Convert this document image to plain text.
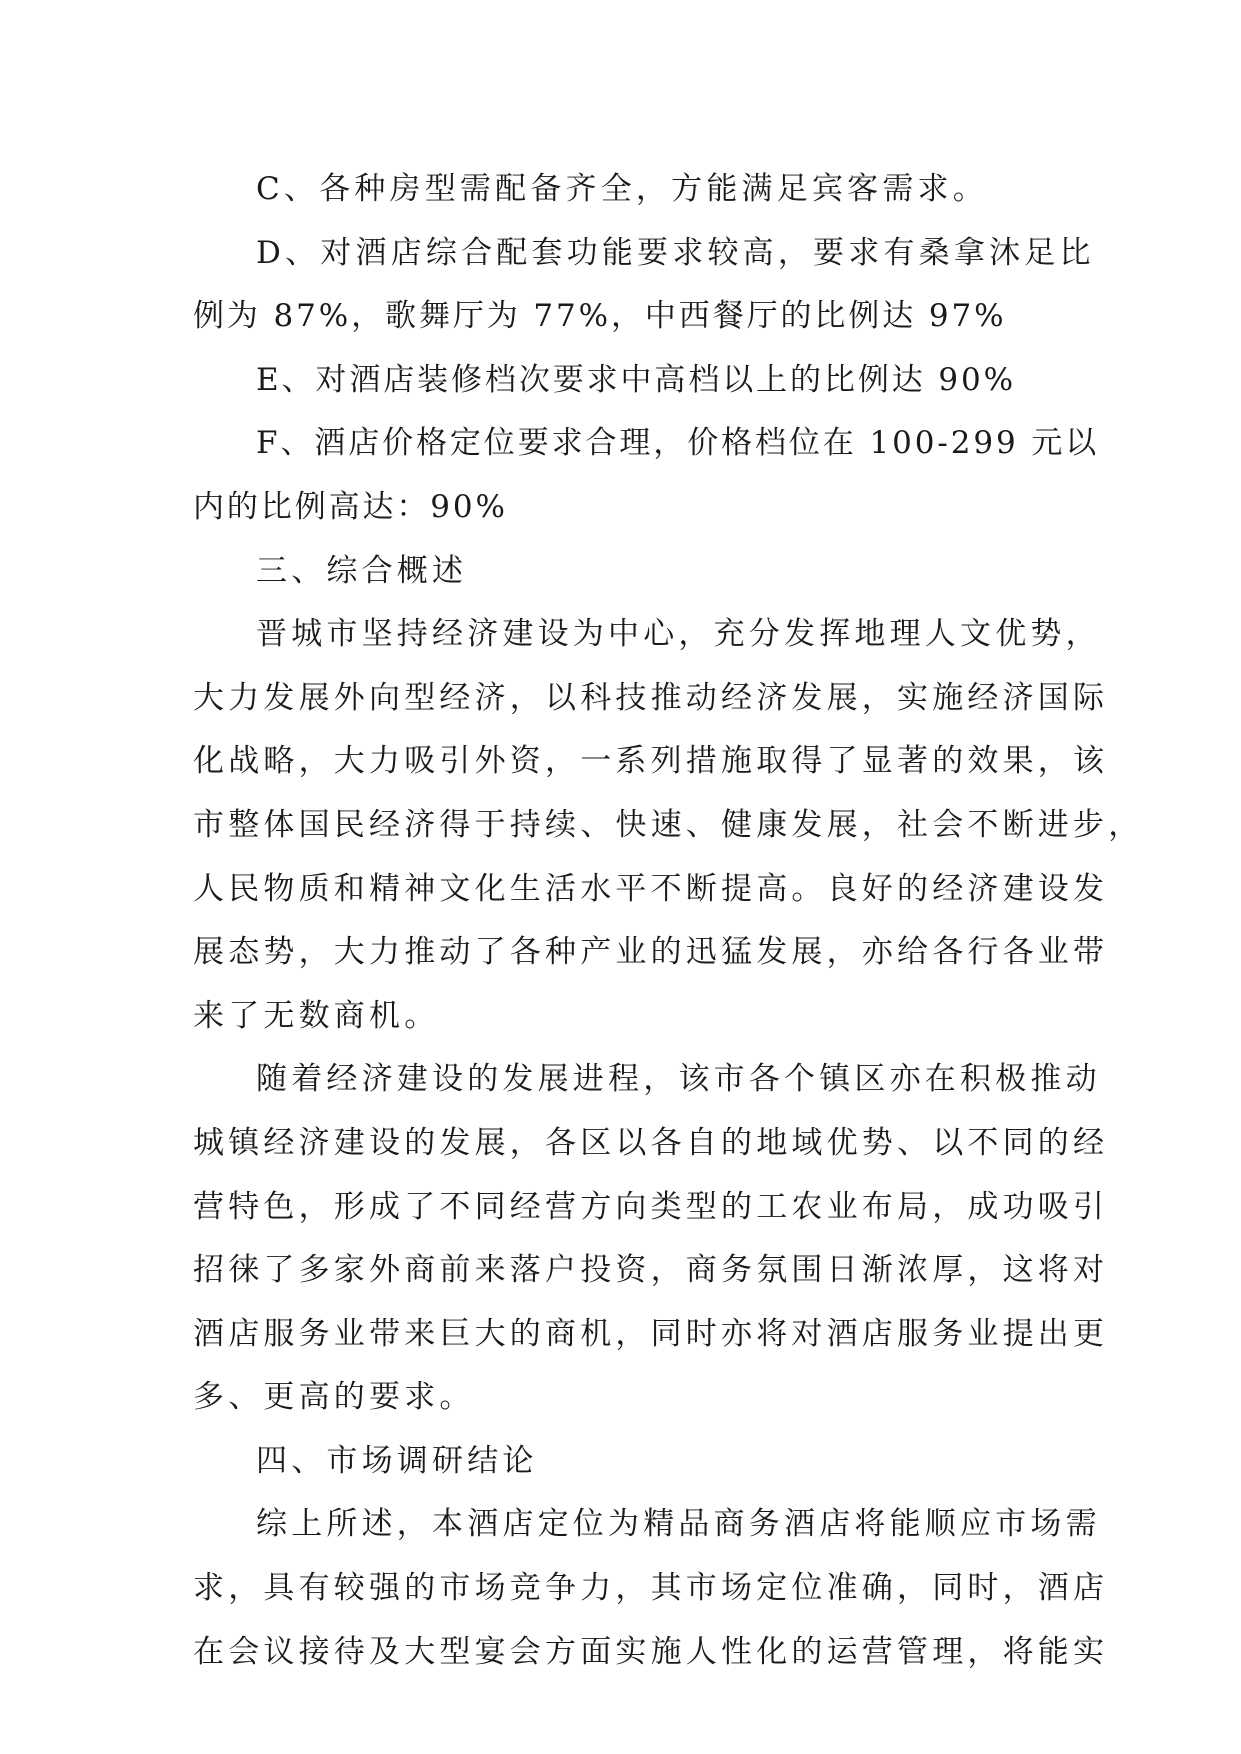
C、各种房型需配备齐全，方能满足宾客需求。
D、对酒店综合配套功能要求较高，要求有桑拿沐足比
例为 87%，歌舞厅为 77%，中西餐厅的比例达 97%
E、对酒店装修档次要求中高档以上的比例达 90%
F、酒店价格定位要求合理，价格档位在 100-299 元以
内的比例高达：90%
三、综合概述
晋城市坚持经济建设为中心，充分发挥地理人文优势，
大力发展外向型经济，以科技推动经济发展，实施经济国际
化战略，大力吸引外资，一系列措施取得了显著的效果，该
市整体国民经济得于持续、快速、健康发展，社会不断进步，
人民物质和精神文化生活水平不断提高。良好的经济建设发
展态势，大力推动了各种产业的迅猛发展，亦给各行各业带
来了无数商机。
随着经济建设的发展进程，该市各个镇区亦在积极推动
城镇经济建设的发展，各区以各自的地域优势、以不同的经
营特色，形成了不同经营方向类型的工农业布局，成功吸引
招徕了多家外商前来落户投资，商务氛围日渐浓厚，这将对
酒店服务业带来巨大的商机，同时亦将对酒店服务业提出更
多、更高的要求。
四、市场调研结论
综上所述，本酒店定位为精品商务酒店将能顺应市场需
求，具有较强的市场竞争力，其市场定位准确，同时，酒店
在会议接待及大型宴会方面实施人性化的运营管理，将能实
